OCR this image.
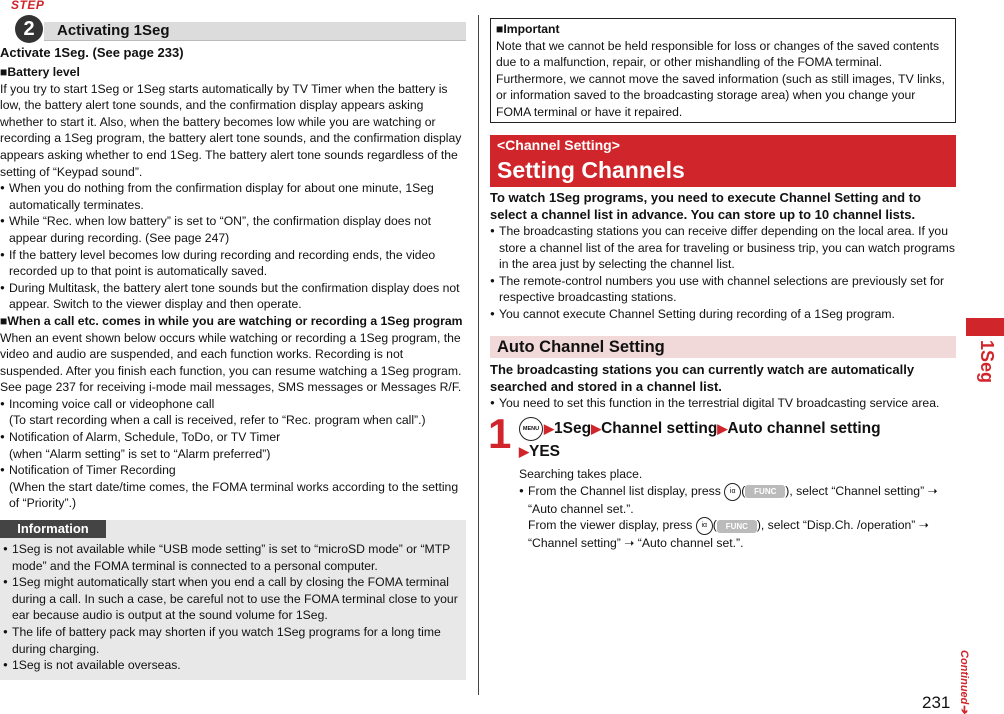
STEP
2	Activating 1Seg
Activate 1Seg. (See page 233)
■Battery level
If you try to start 1Seg or 1Seg starts automatically by TV Timer when the battery is low, the battery alert tone sounds, and the confirmation display appears asking whether to start it. Also, when the battery becomes low while you are watching or recording a 1Seg program, the battery alert tone sounds, and the confirmation display appears asking whether to end 1Seg. The battery alert tone sounds regardless of the setting of “Keypad sound”.
● When you do nothing from the confirmation display for about one minute, 1Seg automatically terminates.
● While “Rec. when low battery” is set to “ON”, the confirmation display does not appear during recording. (See page 247)
● If the battery level becomes low during recording and recording ends, the video recorded up to that point is automatically saved.
● During Multitask, the battery alert tone sounds but the confirmation display does not appear. Switch to the viewer display and then operate.
■When a call etc. comes in while you are watching or recording a 1Seg program
When an event shown below occurs while watching or recording a 1Seg program, the video and audio are suspended, and each function works. Recording is not suspended. After you finish each function, you can resume watching a 1Seg program. See page 237 for receiving i-mode mail messages, SMS messages or Messages R/F.
● Incoming voice call or videophone call
(To start recording when a call is received, refer to “Rec. program when call”.)
● Notification of Alarm, Schedule, ToDo, or TV Timer
(when “Alarm setting” is set to “Alarm preferred”)
● Notification of Timer Recording
(When the start date/time comes, the FOMA terminal works according to the setting of “Priority”.)
Information
● 1Seg is not available while “USB mode setting” is set to “microSD mode” or “MTP mode” and the FOMA terminal is connected to a personal computer.
● 1Seg might automatically start when you end a call by closing the FOMA terminal during a call. In such a case, be careful not to use the FOMA terminal close to your ear because audio is output at the sound volume for 1Seg.
● The life of battery pack may shorten if you watch 1Seg programs for a long time during charging.
● 1Seg is not available overseas.
■Important
Note that we cannot be held responsible for loss or changes of the saved contents due to a malfunction, repair, or other mishandling of the FOMA terminal. Furthermore, we cannot move the saved information (such as still images, TV links, or information saved to the broadcasting storage area) when you change your FOMA terminal or have it repaired.
<Channel Setting>
Setting Channels
To watch 1Seg programs, you need to execute Channel Setting and to select a channel list in advance. You can store up to 10 channel lists.
● The broadcasting stations you can receive differ depending on the local area. If you store a channel list of the area for traveling or business trip, you can watch programs in the area just by selecting the channel list.
● The remote-control numbers you use with channel selections are previously set for respective broadcasting stations.
● You cannot execute Channel Setting during recording of a 1Seg program.
Auto Channel Setting
The broadcasting stations you can currently watch are automatically searched and stored in a channel list.
● You need to set this function in the terrestrial digital TV broadcasting service area.
1	MENU ▶1Seg▶Channel setting▶Auto channel setting
▶YES
Searching takes place.
● From the Channel list display, press iα ( FUNC ), select “Channel setting” ➝
“Auto channel set.”.
From the viewer display, press iα ( FUNC ), select “Disp.Ch. /operation” ➝
“Channel setting” ➝ “Auto channel set.”.
1Seg
Continued➔
231
